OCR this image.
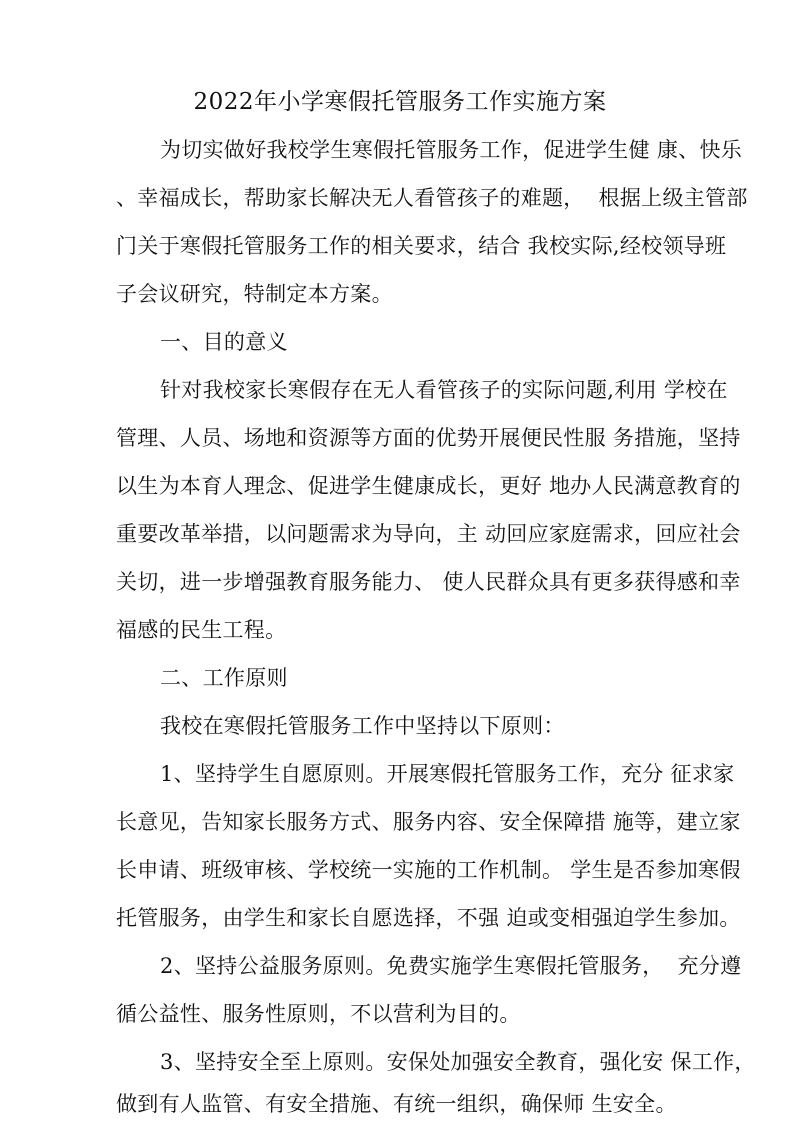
2022年小学寒假托管服务工作实施方案
为切实做好我校学生寒假托管服务工作，促进学生健 康、快乐
、幸福成长，帮助家长解决无人看管孩子的难题，  根据上级主管部
门关于寒假托管服务工作的相关要求，结合 我校实际,经校领导班
子会议研究，特制定本方案。
一、目的意义
针对我校家长寒假存在无人看管孩子的实际问题,利用 学校在
管理、人员、场地和资源等方面的优势开展便民性服 务措施，坚持
以生为本育人理念、促进学生健康成长，更好 地办人民满意教育的
重要改革举措，以问题需求为导向，主 动回应家庭需求，回应社会
关切，进一步增强教育服务能力、 使人民群众具有更多获得感和幸
福感的民生工程。
二、工作原则
我校在寒假托管服务工作中坚持以下原则：
1、坚持学生自愿原则。开展寒假托管服务工作，充分 征求家
长意见，告知家长服务方式、服务内容、安全保障措 施等，建立家
长申请、班级审核、学校统一实施的工作机制。 学生是否参加寒假
托管服务，由学生和家长自愿选择，不强 迫或变相强迫学生参加。
2、坚持公益服务原则。免费实施学生寒假托管服务，  充分遵
循公益性、服务性原则，不以营利为目的。
3、坚持安全至上原则。安保处加强安全教育，强化安 保工作，
做到有人监管、有安全措施、有统一组织，确保师 生安全。
